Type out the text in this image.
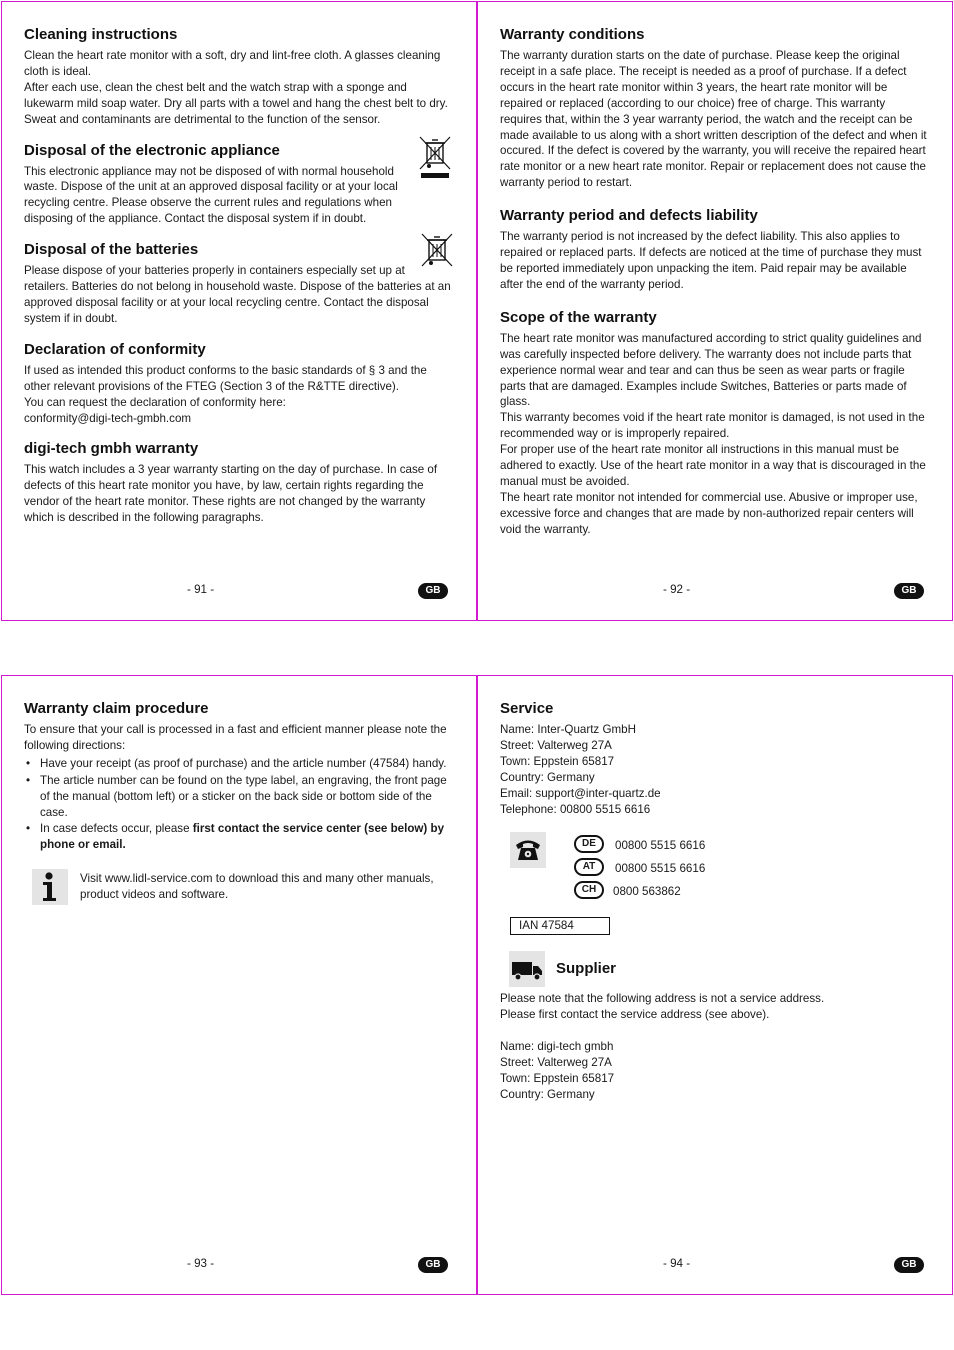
Cleaning instructions

Clean the heart rate monitor with a soft, dry and lint-free cloth. A glasses cleaning cloth is ideal.

After each use, clean the chest belt and the watch strap with a sponge and lukewarm mild soap water. Dry all parts with a towel and hang the chest belt to dry. Sweat and contaminants are detrimental to the function of the sensor.

Disposal of the electronic appliance

This electronic appliance may not be disposed of with normal household waste. Dispose of the unit at an approved disposal facility or at your local recycling centre. Please observe the current rules and regulations when disposing of the appliance. Contact the disposal system if in doubt.

Disposal of the batteries

Please dispose of your batteries properly in containers especially set up at retailers. Batteries do not belong in household waste. Dispose of the batteries at an approved disposal facility or at your local recycling centre. Contact the disposal system if in doubt.

Declaration of conformity

If used as intended this product conforms to the basic standards of § 3 and the other relevant provisions of the FTEG (Section 3 of the R&TTE directive).

You can request the declaration of conformity here:

conformity@digi-tech-gmbh.com

digi-tech gmbh warranty

This watch includes a 3 year warranty starting on the day of purchase. In case of defects of this heart rate monitor you have, by law, certain rights regarding the vendor of the heart rate monitor. These rights are not changed by the warranty which is described in the following paragraphs.

- 91 -	GB
Warranty conditions

The warranty duration starts on the date of purchase. Please keep the original receipt in a safe place. The receipt is needed as a proof of purchase. If a defect occurs in the heart rate monitor within 3 years, the heart rate monitor will be repaired or replaced (according to our choice) free of charge. This warranty requires that, within the 3 year warranty period, the watch and the receipt can be made available to us along with a short written description of the defect and when it occured. If the defect is covered by the warranty, you will receive the repaired heart rate monitor or a new heart rate monitor. Repair or replacement does not cause the warranty period to restart.

Warranty period and defects liability

The warranty period is not increased by the defect liability. This also applies to repaired or replaced parts. If defects are noticed at the time of purchase they must be reported immediately upon unpacking the item. Paid repair may be available after the end of the warranty period.

Scope of the warranty

The heart rate monitor was manufactured according to strict quality guidelines and was carefully inspected before delivery. The warranty does not include parts that experience normal wear and tear and can thus be seen as wear parts or fragile parts that are damaged. Examples include Switches, Batteries or parts made of glass.

This warranty becomes void if the heart rate monitor is damaged, is not used in the recommended way or is improperly repaired.

For proper use of the heart rate monitor all instructions in this manual must be adhered to exactly. Use of the heart rate monitor in a way that is discouraged in the manual must be avoided.

The heart rate monitor not intended for commercial use. Abusive or improper use, excessive force and changes that are made by non-authorized repair centers will void the warranty.

- 92 -	GB
Warranty claim procedure

To ensure that your call is processed in a fast and efficient manner please note the following directions:

• Have your receipt (as proof of purchase) and the article number (47584) handy.
• The article number can be found on the type label, an engraving, the front page of the manual (bottom left) or a sticker on the back side or bottom side of the case.
• In case defects occur, please first contact the service center (see below) by phone or email.

Visit www.lidl-service.com to download this and many other manuals, product videos and software.

- 93 -	GB
Service

Name: Inter-Quartz GmbH

Street: Valterweg 27A

Town: Eppstein 65817

Country: Germany

Email: support@inter-quartz.de

Telephone: 00800 5515 6616

DE	00800 5515 6616
AT	00800 5515 6616
CH	0800 563862
IAN 47584
Supplier

Please note that the following address is not a service address.

Please first contact the service address (see above).

Name: digi-tech gmbh

Street: Valterweg 27A

Town: Eppstein 65817

Country: Germany

- 94 -	GB
